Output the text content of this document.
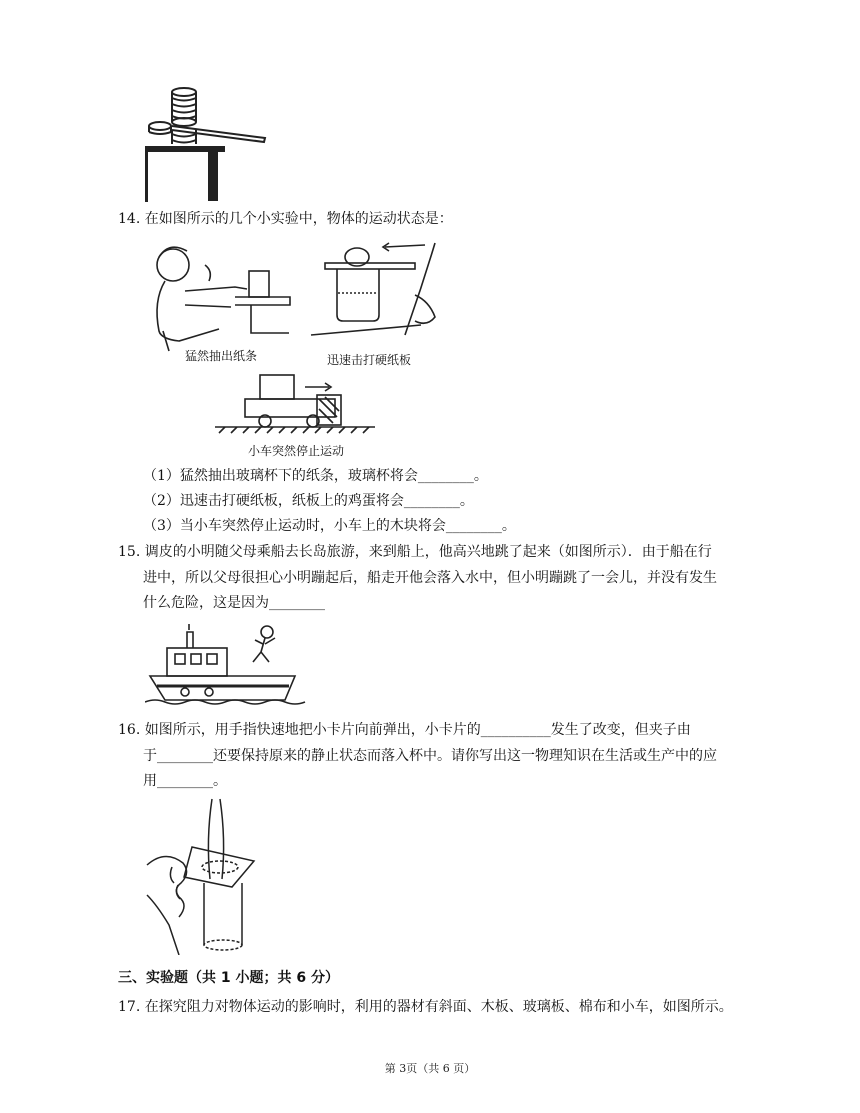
14. 在如图所示的几个小实验中，物体的运动状态是：
猛然抽出纸条	迅速击打硬纸板
小车突然停止运动
（1）猛然抽出玻璃杯下的纸条，玻璃杯将会________。
（2）迅速击打硬纸板，纸板上的鸡蛋将会________。
（3）当小车突然停止运动时，小车上的木块将会________。
15. 调皮的小明随父母乘船去长岛旅游，来到船上，他高兴地跳了起来（如图所示）．由于船在行
进中，所以父母很担心小明蹦起后，船走开他会落入水中，但小明蹦跳了一会儿，并没有发生
什么危险，这是因为________
16. 如图所示，用手指快速地把小卡片向前弹出，小卡片的__________发生了改变，但夹子由
于________还要保持原来的静止状态而落入杯中。请你写出这一物理知识在生活或生产中的应
用________。
三、实验题（共 1 小题；共 6 分）
17. 在探究阻力对物体运动的影响时，利用的器材有斜面、木板、玻璃板、棉布和小车，如图所示。
第 3页（共 6 页）
